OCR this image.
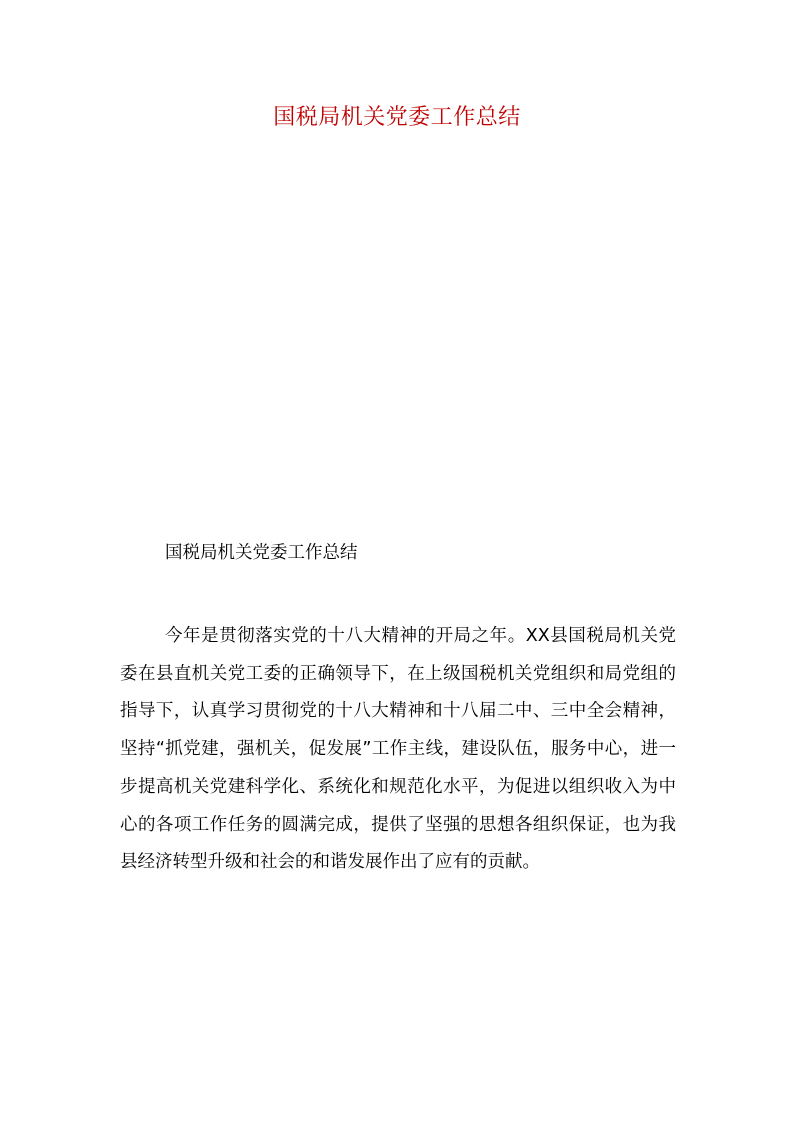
国税局机关党委工作总结

国税局机关党委工作总结

今年是贯彻落实党的十八大精神的开局之年。XX县国税局机关党委在县直机关党工委的正确领导下，在上级国税机关党组织和局党组的指导下，认真学习贯彻党的十八大精神和十八届二中、三中全会精神，坚持“抓党建，强机关，促发展”工作主线，建设队伍，服务中心，进一步提高机关党建科学化、系统化和规范化水平，为促进以组织收入为中心的各项工作任务的圆满完成，提供了坚强的思想各组织保证，也为我县经济转型升级和社会的和谐发展作出了应有的贡献。
